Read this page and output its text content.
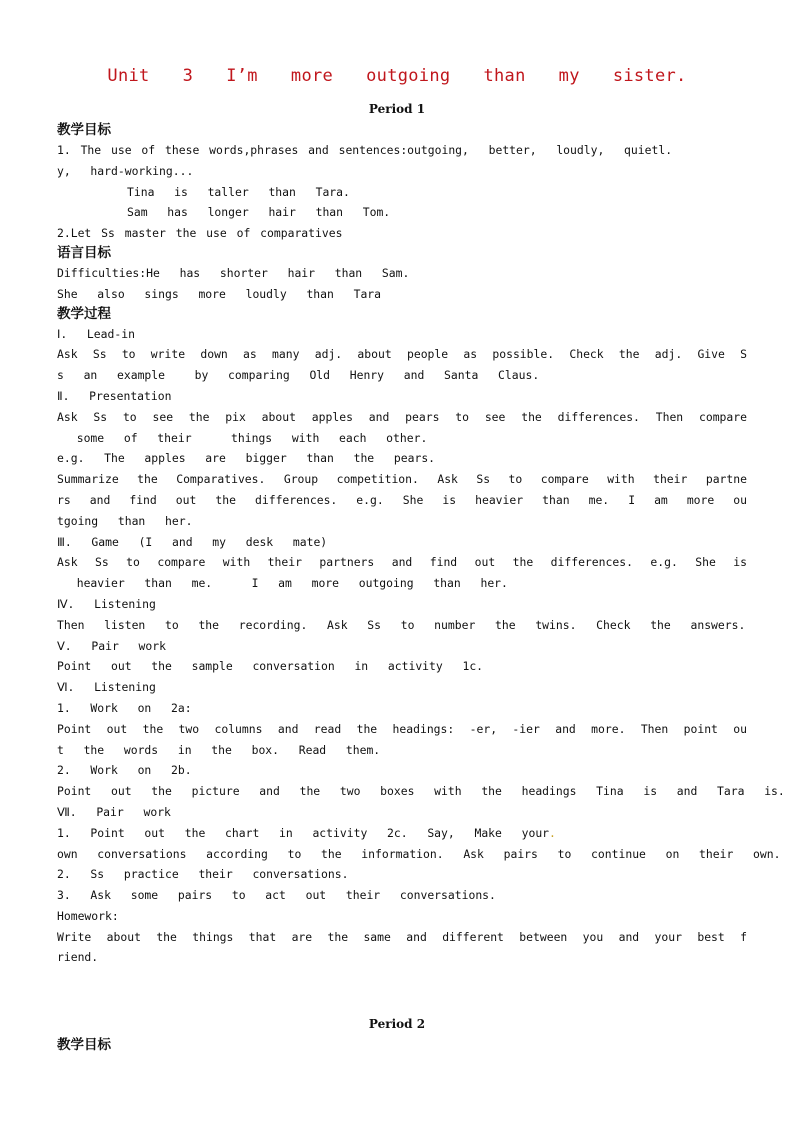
Unit  3  I’m  more  outgoing  than  my  sister.
Period 1
教学目标
1. The use of these words,phrases and sentences:outgoing,  better,  loudly,  quietl.
y,  hard-working...
Tina  is  taller  than  Tara.
Sam  has  longer  hair  than  Tom.
2.Let Ss master the use of comparatives
语言目标
Difficulties:He  has  shorter  hair  than  Sam.
She  also  sings  more  loudly  than  Tara
教学过程
Ⅰ.  Lead-in
Ask Ss to write down as many adj. about people as possible. Check the adj. Give S
s  an  example   by  comparing  Old  Henry  and  Santa  Claus.
Ⅱ.  Presentation
Ask Ss to see the pix about apples and pears to see the differences. Then compare
some  of  their    things  with  each  other.
e.g.  The  apples  are  bigger  than  the  pears.
Summarize the Comparatives. Group competition. Ask Ss to compare with their partne
rs and find out the differences. e.g. She is heavier than me. I am more ou
tgoing  than  her.
Ⅲ.  Game  (I  and  my  desk  mate)
Ask Ss to compare with their partners and find out the differences. e.g. She is
heavier  than  me.    I  am  more  outgoing  than  her.
Ⅳ.  Listening
Then  listen  to  the  recording.  Ask  Ss  to  number  the  twins.  Check  the  answers.
Ⅴ.  Pair  work
Point  out  the  sample  conversation  in  activity  1c.
Ⅵ.  Listening
1.  Work  on  2a:
Point out the two columns and read the headings: -er, -ier and more. Then point ou
t  the  words  in  the  box.  Read  them.
2.  Work  on  2b.
Point  out  the  picture  and  the  two  boxes  with  the  headings  Tina  is  and  Tara  is.
Ⅶ.  Pair  work
1.  Point  out  the  chart  in  activity  2c.  Say,  Make  your.
own  conversations  according  to  the  information.  Ask  pairs  to  continue  on  their  own.
2.  Ss  practice  their  conversations.
3.  Ask  some  pairs  to  act  out  their  conversations.
Homework:
Write about the things that are the same and different between you and your best f
riend.
Period 2
教学目标
